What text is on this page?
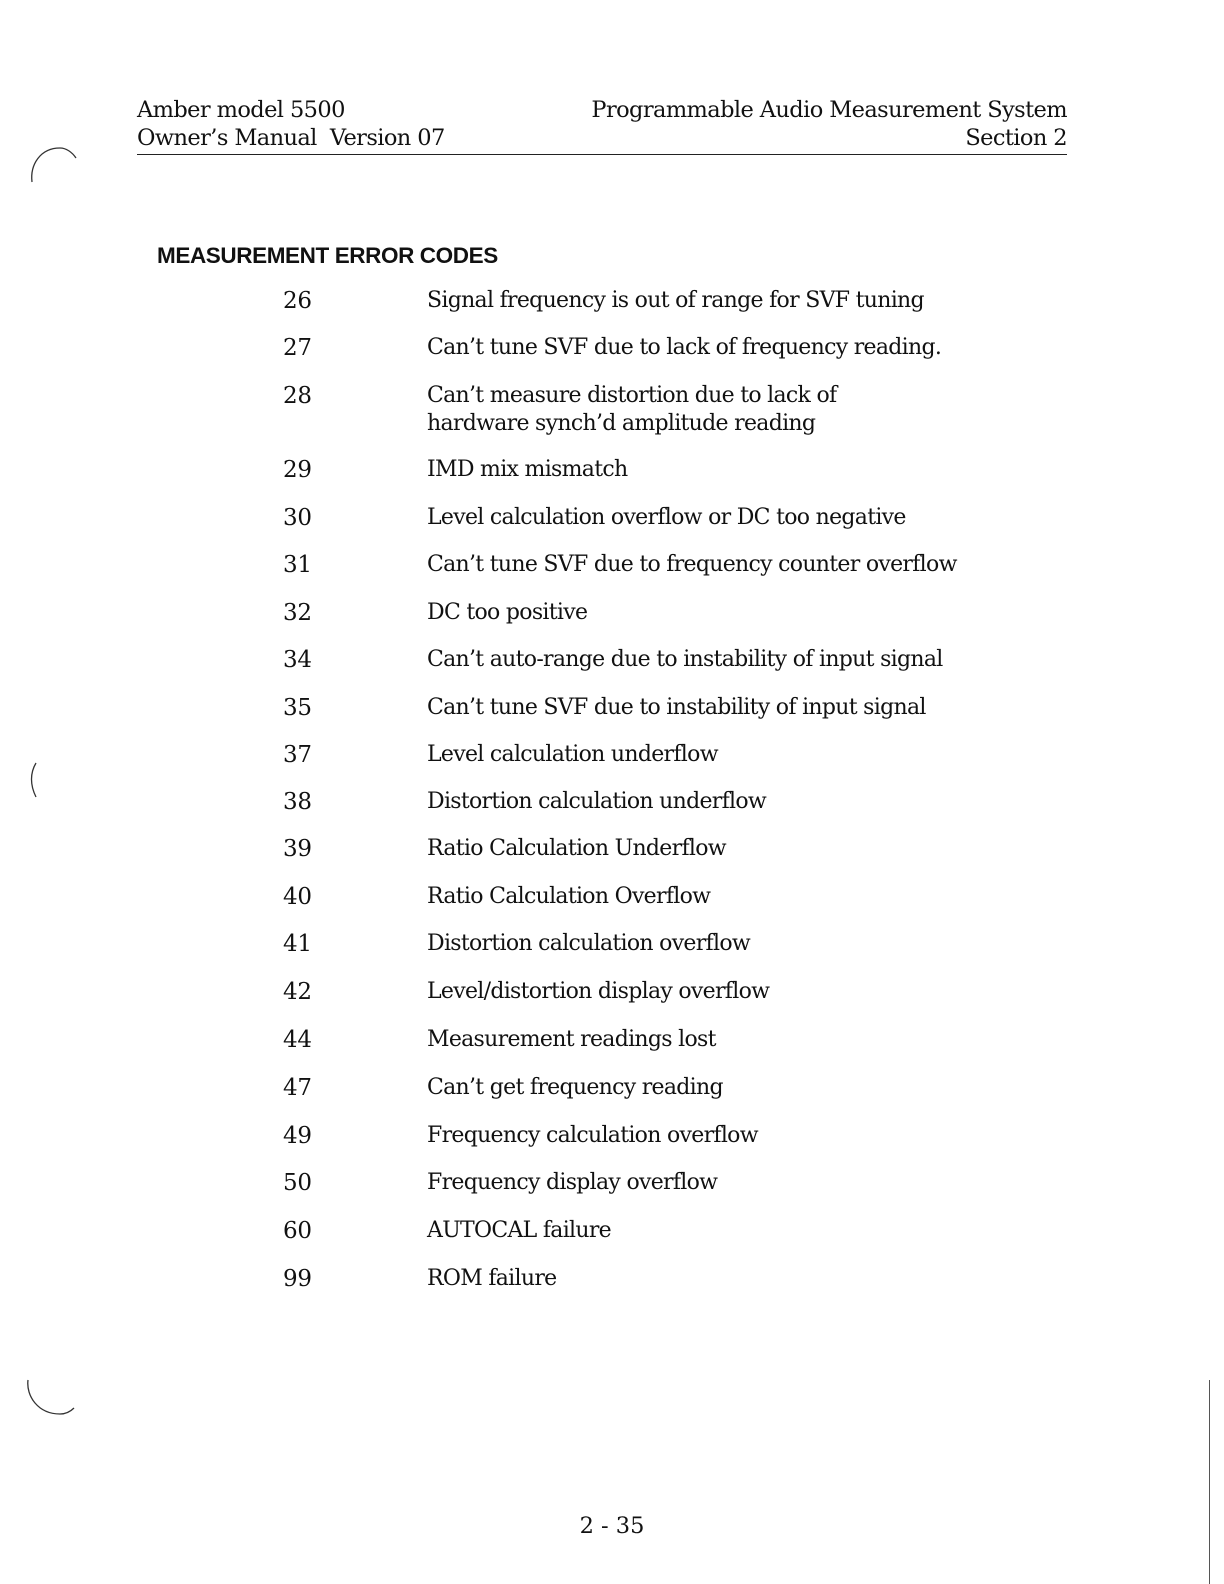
Amber model 5500
Owner’s Manual  Version 07
Programmable Audio Measurement System
Section 2
MEASUREMENT ERROR CODES
26	Signal frequency is out of range for SVF tuning
27	Can’t tune SVF due to lack of frequency reading.
28	Can’t measure distortion due to lack of hardware synch’d amplitude reading
29	IMD mix mismatch
30	Level calculation overflow or DC too negative
31	Can’t tune SVF due to frequency counter overflow
32	DC too positive
34	Can’t auto-range due to instability of input signal
35	Can’t tune SVF due to instability of input signal
37	Level calculation underflow
38	Distortion calculation underflow
39	Ratio Calculation Underflow
40	Ratio Calculation Overflow
41	Distortion calculation overflow
42	Level/distortion display overflow
44	Measurement readings lost
47	Can’t get frequency reading
49	Frequency calculation overflow
50	Frequency display overflow
60	AUTOCAL failure
99	ROM failure
2 - 35
